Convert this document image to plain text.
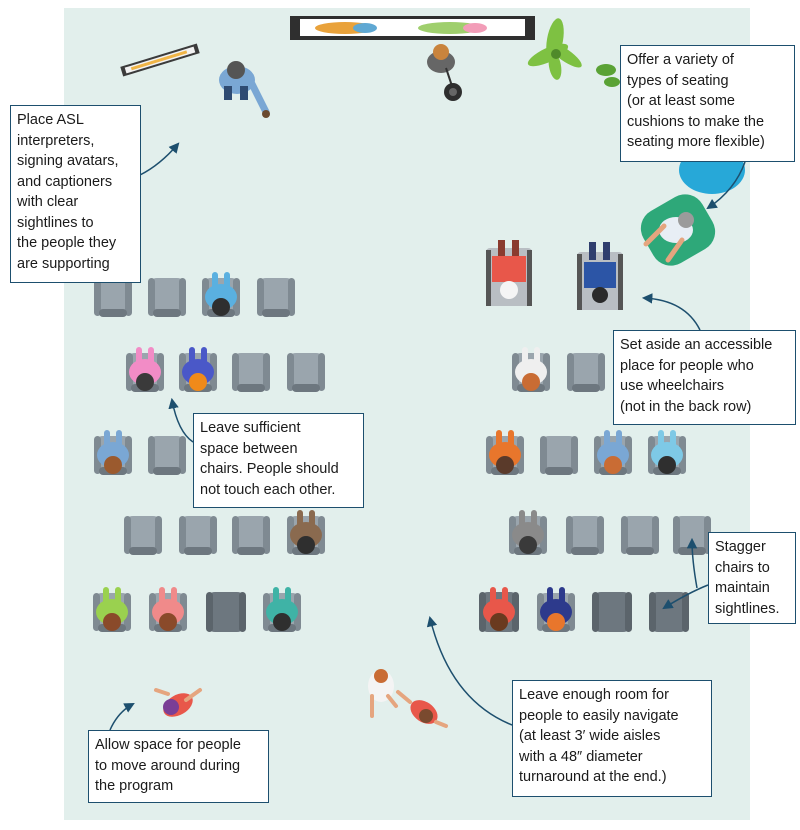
Place ASL
interpreters,
signing avatars,
and captioners
with clear
sightlines to
the people they
are supporting
Offer a variety of
types of seating
(or at least some
cushions to make the
seating more flexible)
Set aside an accessible
place for people who
use wheelchairs
(not in the back row)
Leave sufficient
space between
chairs. People should
not touch each other.
Stagger
chairs to
maintain
sightlines.
Leave enough room for
people to easily navigate
(at least 3′ wide aisles
with a 48″ diameter
turnaround at the end.)
Allow space for people
to move around during
the program
